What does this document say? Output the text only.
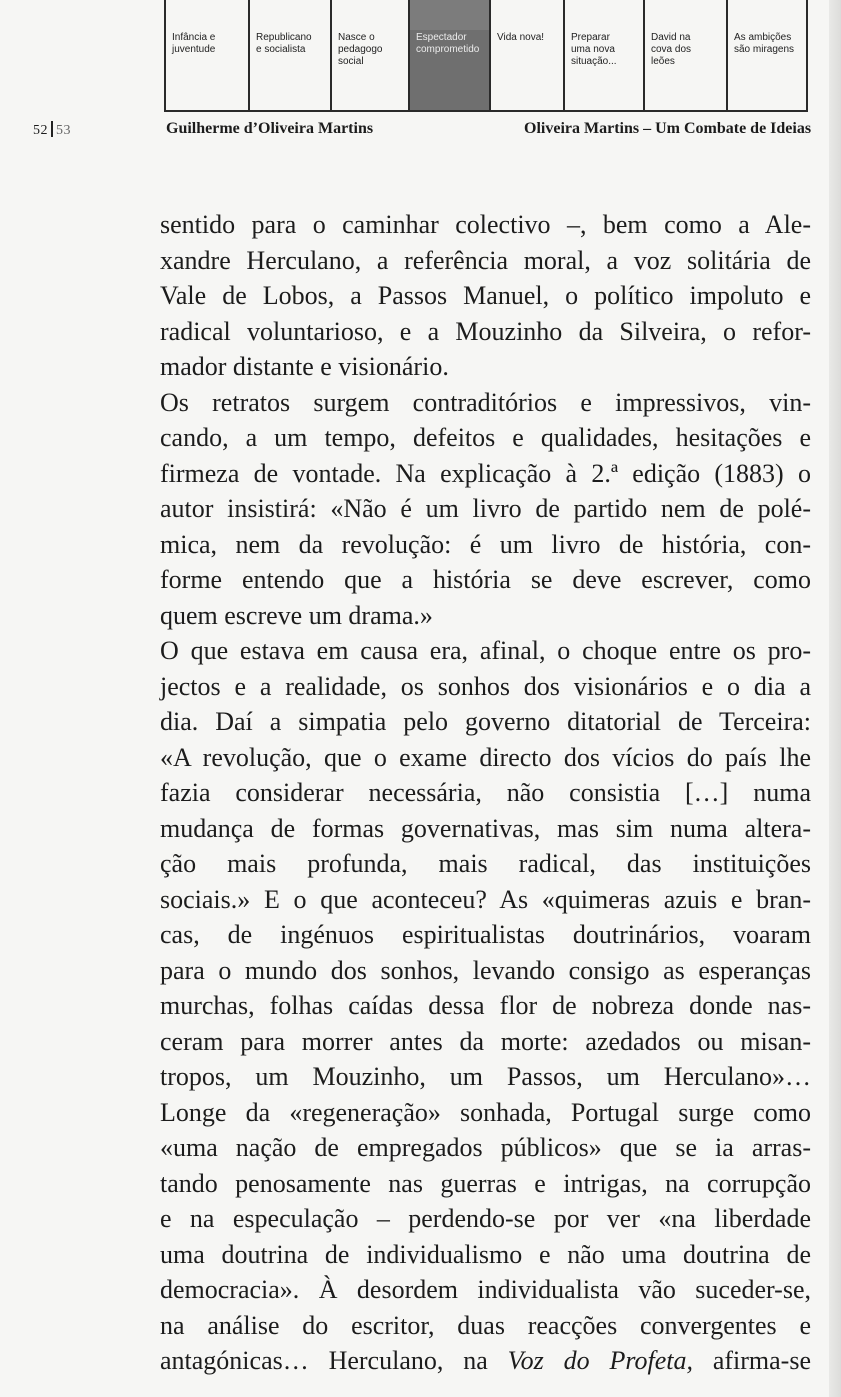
Infância e
juventude
Republicano
e socialista
Nasce o
pedagogo
social
Espectador
comprometido
Vida nova!	Preparar
uma nova
situação...
David na
cova dos
leões
As ambições
são miragens
52 53	Guilherme d’Oliveira Martins	Oliveira Martins – Um Combate de Ideias
sentido para o caminhar colectivo –, bem como a Ale-
xandre Herculano, a referência moral, a voz solitária de
Vale de Lobos, a Passos Manuel, o político impoluto e
radical voluntarioso, e a Mouzinho da Silveira, o refor-
mador distante e visionário.
Os retratos surgem contraditórios e impressivos, vin-
cando, a um tempo, defeitos e qualidades, hesitações e
firmeza de vontade. Na explicação à 2.ª edição (1883) o
autor insistirá: «Não é um livro de partido nem de polé-
mica, nem da revolução: é um livro de história, con-
forme entendo que a história se deve escrever, como
quem escreve um drama.»
O que estava em causa era, afinal, o choque entre os pro-
jectos e a realidade, os sonhos dos visionários e o dia a
dia. Daí a simpatia pelo governo ditatorial de Terceira:
«A revolução, que o exame directo dos vícios do país lhe
fazia considerar necessária, não consistia […] numa
mudança de formas governativas, mas sim numa altera-
ção mais profunda, mais radical, das instituições
sociais.» E o que aconteceu? As «quimeras azuis e bran-
cas, de ingénuos espiritualistas doutrinários, voaram
para o mundo dos sonhos, levando consigo as esperanças
murchas, folhas caídas dessa flor de nobreza donde nas-
ceram para morrer antes da morte: azedados ou misan-
tropos, um Mouzinho, um Passos, um Herculano»…
Longe da «regeneração» sonhada, Portugal surge como
«uma nação de empregados públicos» que se ia arras-
tando penosamente nas guerras e intrigas, na corrupção
e na especulação – perdendo-se por ver «na liberdade
uma doutrina de individualismo e não uma doutrina de
democracia». À desordem individualista vão suceder-se,
na análise do escritor, duas reacções convergentes e
antagónicas… Herculano, na Voz do Profeta, afirma-se
